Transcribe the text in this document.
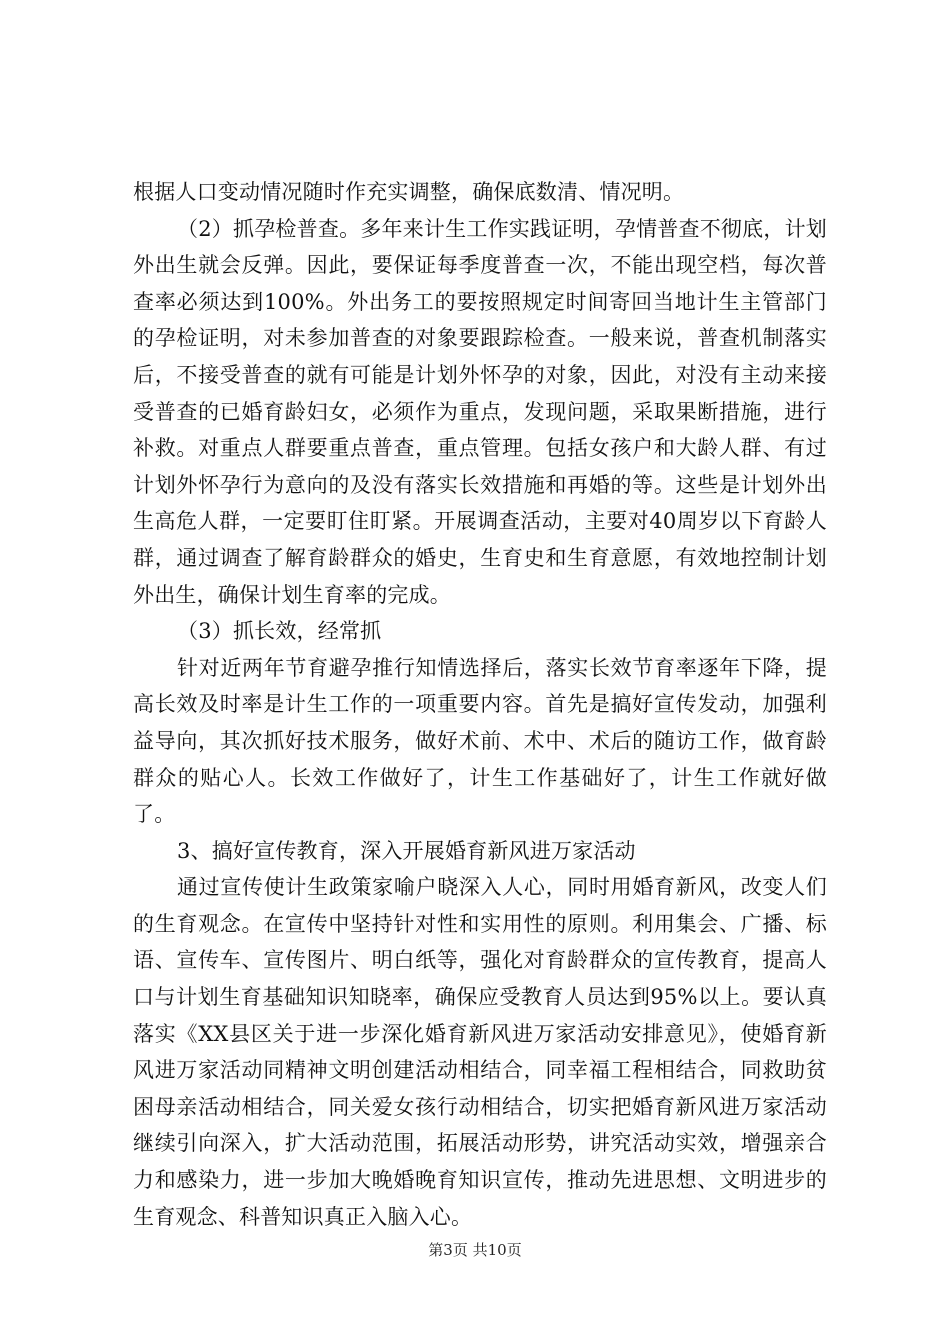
根据人口变动情况随时作充实调整，确保底数清、情况明。

（2）抓孕检普查。多年来计生工作实践证明，孕情普查不彻底，计划外出生就会反弹。因此，要保证每季度普查一次，不能出现空档，每次普查率必须达到100%。外出务工的要按照规定时间寄回当地计生主管部门的孕检证明，对未参加普查的对象要跟踪检查。一般来说，普查机制落实后，不接受普查的就有可能是计划外怀孕的对象，因此，对没有主动来接受普查的已婚育龄妇女，必须作为重点，发现问题，采取果断措施，进行补救。对重点人群要重点普查，重点管理。包括女孩户和大龄人群、有过计划外怀孕行为意向的及没有落实长效措施和再婚的等。这些是计划外出生高危人群，一定要盯住盯紧。开展调查活动，主要对40周岁以下育龄人群，通过调查了解育龄群众的婚史，生育史和生育意愿，有效地控制计划外出生，确保计划生育率的完成。

（3）抓长效，经常抓

针对近两年节育避孕推行知情选择后，落实长效节育率逐年下降，提高长效及时率是计生工作的一项重要内容。首先是搞好宣传发动，加强利益导向，其次抓好技术服务，做好术前、术中、术后的随访工作，做育龄群众的贴心人。长效工作做好了，计生工作基础好了，计生工作就好做了。

3、搞好宣传教育，深入开展婚育新风进万家活动

通过宣传使计生政策家喻户晓深入人心，同时用婚育新风，改变人们的生育观念。在宣传中坚持针对性和实用性的原则。利用集会、广播、标语、宣传车、宣传图片、明白纸等，强化对育龄群众的宣传教育，提高人口与计划生育基础知识知晓率，确保应受教育人员达到95%以上。要认真落实《XX县区关于进一步深化婚育新风进万家活动安排意见》，使婚育新风进万家活动同精神文明创建活动相结合，同幸福工程相结合，同救助贫困母亲活动相结合，同关爱女孩行动相结合，切实把婚育新风进万家活动继续引向深入，扩大活动范围，拓展活动形势，讲究活动实效，增强亲合力和感染力，进一步加大晚婚晚育知识宣传，推动先进思想、文明进步的生育观念、科普知识真正入脑入心。

第3页 共10页
